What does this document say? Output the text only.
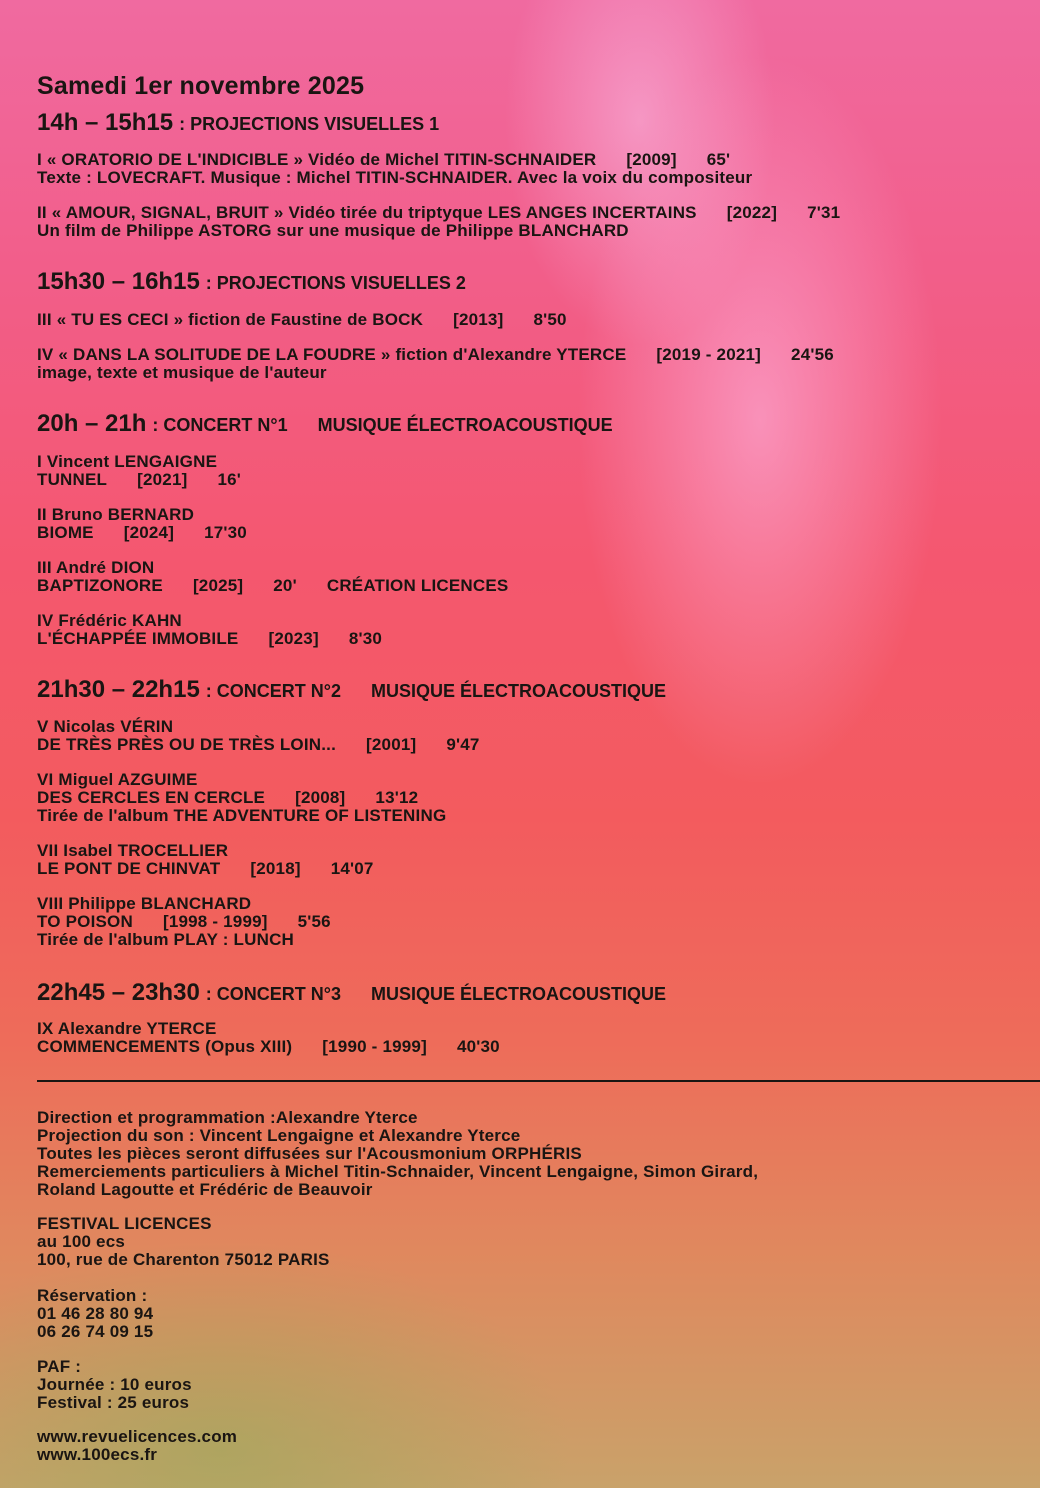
Samedi 1er novembre 2025
14h – 15h15 : PROJECTIONS VISUELLES 1
I « ORATORIO DE L'INDICIBLE » Vidéo de Michel TITIN-SCHNAIDER [2009] 65'
Texte : LOVECRAFT. Musique : Michel TITIN-SCHNAIDER. Avec la voix du compositeur
II « AMOUR, SIGNAL, BRUIT » Vidéo tirée du triptyque LES ANGES INCERTAINS [2022] 7'31
Un film de Philippe ASTORG sur une musique de Philippe BLANCHARD
15h30 – 16h15 : PROJECTIONS VISUELLES 2
III « TU ES CECI » fiction de Faustine de BOCK [2013] 8'50
IV « DANS LA SOLITUDE DE LA FOUDRE » fiction d'Alexandre YTERCE [2019 - 2021] 24'56
image, texte et musique de l'auteur
20h – 21h : CONCERT N°1 MUSIQUE ÉLECTROACOUSTIQUE
I Vincent LENGAIGNE
TUNNEL [2021] 16'
II Bruno BERNARD
BIOME [2024] 17'30
III André DION
BAPTIZONORE [2025] 20' CRÉATION LICENCES
IV Frédéric KAHN
L'ÉCHAPPÉE IMMOBILE [2023] 8'30
21h30 – 22h15 : CONCERT N°2 MUSIQUE ÉLECTROACOUSTIQUE
V Nicolas VÉRIN
DE TRÈS PRÈS OU DE TRÈS LOIN... [2001] 9'47
VI Miguel AZGUIME
DES CERCLES EN CERCLE [2008] 13'12
Tirée de l'album THE ADVENTURE OF LISTENING
VII Isabel TROCELLIER
LE PONT DE CHINVAT [2018] 14'07
VIII Philippe BLANCHARD
TO POISON [1998 - 1999] 5'56
Tirée de l'album PLAY : LUNCH
22h45 – 23h30 : CONCERT N°3 MUSIQUE ÉLECTROACOUSTIQUE
IX Alexandre YTERCE
COMMENCEMENTS (Opus XIII) [1990 - 1999] 40'30
Direction et programmation :Alexandre Yterce
Projection du son : Vincent Lengaigne et Alexandre Yterce
Toutes les pièces seront diffusées sur l'Acousmonium ORPHÉRIS
Remerciements particuliers à Michel Titin-Schnaider, Vincent Lengaigne, Simon Girard,
Roland Lagoutte et Frédéric de Beauvoir
FESTIVAL LICENCES
au 100 ecs
100, rue de Charenton 75012 PARIS
Réservation :
01 46 28 80 94
06 26 74 09 15
PAF :
Journée : 10 euros
Festival : 25 euros
www.revuelicences.com
www.100ecs.fr
